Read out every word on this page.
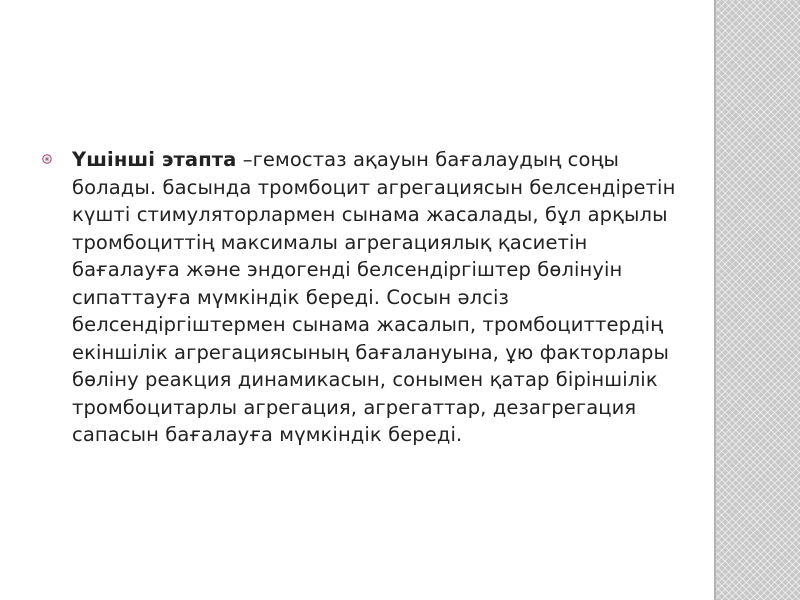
Үшінші этапта –гемостаз ақауын бағалаудың соңы болады. басында тромбоцит агрегациясын белсендіретін күшті стимуляторлармен сынама жасалады, бұл арқылы тромбоциттің максималы агрегациялық қасиетін бағалауға және эндогенді белсендіргіштер бөлінуін сипаттауға мүмкіндік береді. Сосын әлсіз белсендіргіштермен сынама жасалып, тромбоциттердің екіншілік агрегациясының бағалануына, ұю факторлары бөліну реакция динамикасын, сонымен қатар біріншілік тромбоцитарлы агрегация, агрегаттар, дезагрегация сапасын бағалауға мүмкіндік береді.
